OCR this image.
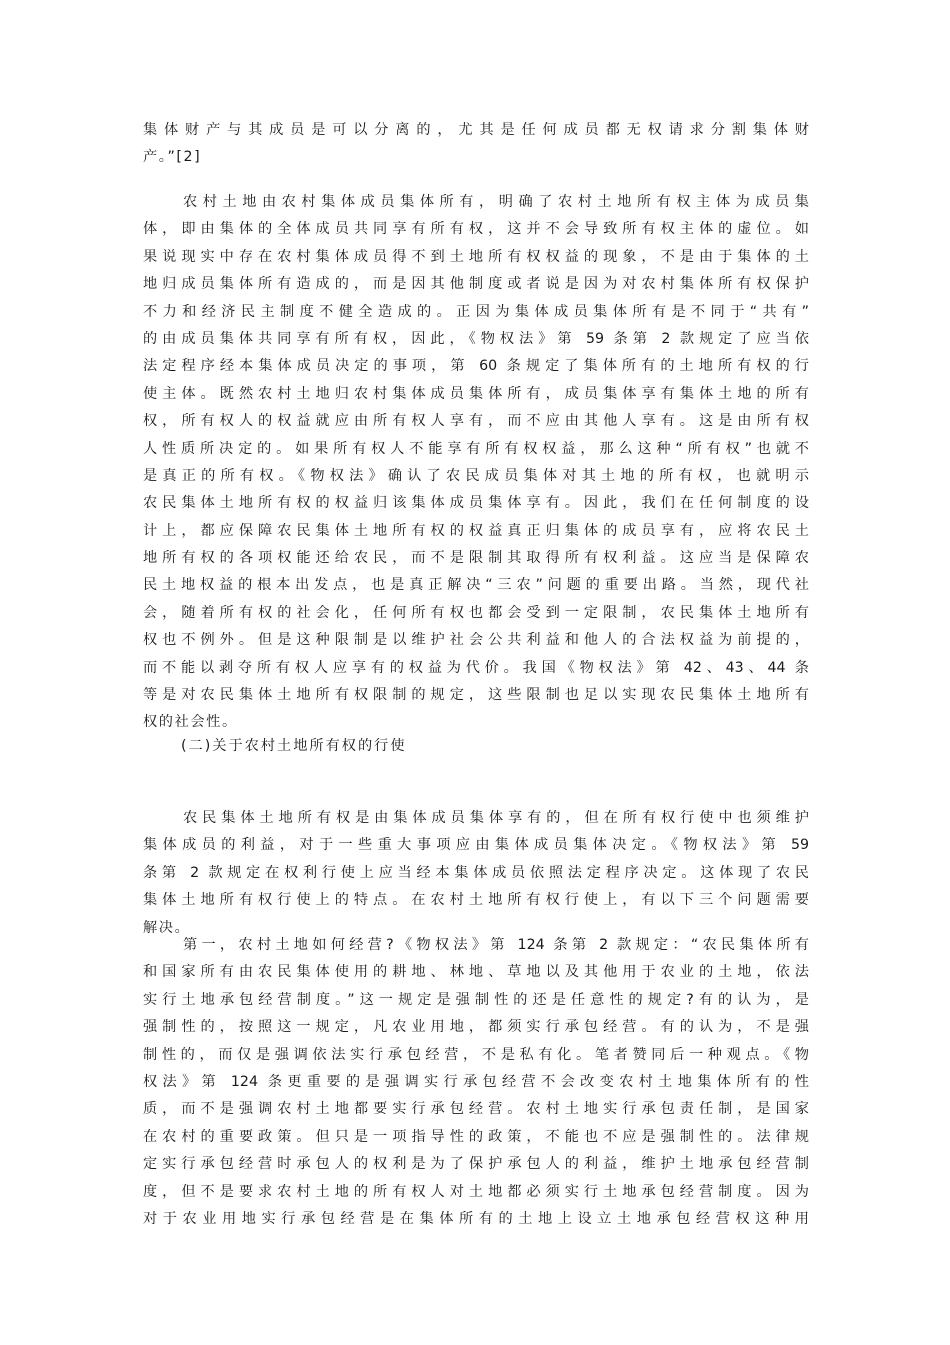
集体财产与其成员是可以分离的，尤其是任何成员都无权请求分割集体财
产。”[2]
农村土地由农村集体成员集体所有，明确了农村土地所有权主体为成员集
体，即由集体的全体成员共同享有所有权，这并不会导致所有权主体的虚位。如
果说现实中存在农村集体成员得不到土地所有权权益的现象，不是由于集体的土
地归成员集体所有造成的，而是因其他制度或者说是因为对农村集体所有权保护
不力和经济民主制度不健全造成的。正因为集体成员集体所有是不同于“共有”
的由成员集体共同享有所有权，因此，《物权法》第 59 条第 2 款规定了应当依
法定程序经本集体成员决定的事项，第 60 条规定了集体所有的土地所有权的行
使主体。既然农村土地归农村集体成员集体所有，成员集体享有集体土地的所有
权，所有权人的权益就应由所有权人享有，而不应由其他人享有。这是由所有权
人性质所决定的。如果所有权人不能享有所有权权益，那么这种“所有权”也就不
是真正的所有权。《物权法》确认了农民成员集体对其土地的所有权，也就明示
农民集体土地所有权的权益归该集体成员集体享有。因此，我们在任何制度的设
计上，都应保障农民集体土地所有权的权益真正归集体的成员享有，应将农民土
地所有权的各项权能还给农民，而不是限制其取得所有权利益。这应当是保障农
民土地权益的根本出发点，也是真正解决“三农”问题的重要出路。当然，现代社
会，随着所有权的社会化，任何所有权也都会受到一定限制，农民集体土地所有
权也不例外。但是这种限制是以维护社会公共利益和他人的合法权益为前提的，
而不能以剥夺所有权人应享有的权益为代价。我国《物权法》第 42、43、44 条
等是对农民集体土地所有权限制的规定，这些限制也足以实现农民集体土地所有
权的社会性。
(二)关于农村土地所有权的行使
农民集体土地所有权是由集体成员集体享有的，但在所有权行使中也须维护
集体成员的利益，对于一些重大事项应由集体成员集体决定。《物权法》第 59
条第 2 款规定在权利行使上应当经本集体成员依照法定程序决定。这体现了农民
集体土地所有权行使上的特点。在农村土地所有权行使上，有以下三个问题需要
解决。
第一，农村土地如何经营?《物权法》第 124 条第 2 款规定：“农民集体所有
和国家所有由农民集体使用的耕地、林地、草地以及其他用于农业的土地，依法
实行土地承包经营制度。”这一规定是强制性的还是任意性的规定?有的认为，是
强制性的，按照这一规定，凡农业用地，都须实行承包经营。有的认为，不是强
制性的，而仅是强调依法实行承包经营，不是私有化。笔者赞同后一种观点。《物
权法》第 124 条更重要的是强调实行承包经营不会改变农村土地集体所有的性
质，而不是强调农村土地都要实行承包经营。农村土地实行承包责任制，是国家
在农村的重要政策。但只是一项指导性的政策，不能也不应是强制性的。法律规
定实行承包经营时承包人的权利是为了保护承包人的利益，维护土地承包经营制
度，但不是要求农村土地的所有权人对土地都必须实行土地承包经营制度。因为
对于农业用地实行承包经营是在集体所有的土地上设立土地承包经营权这种用
